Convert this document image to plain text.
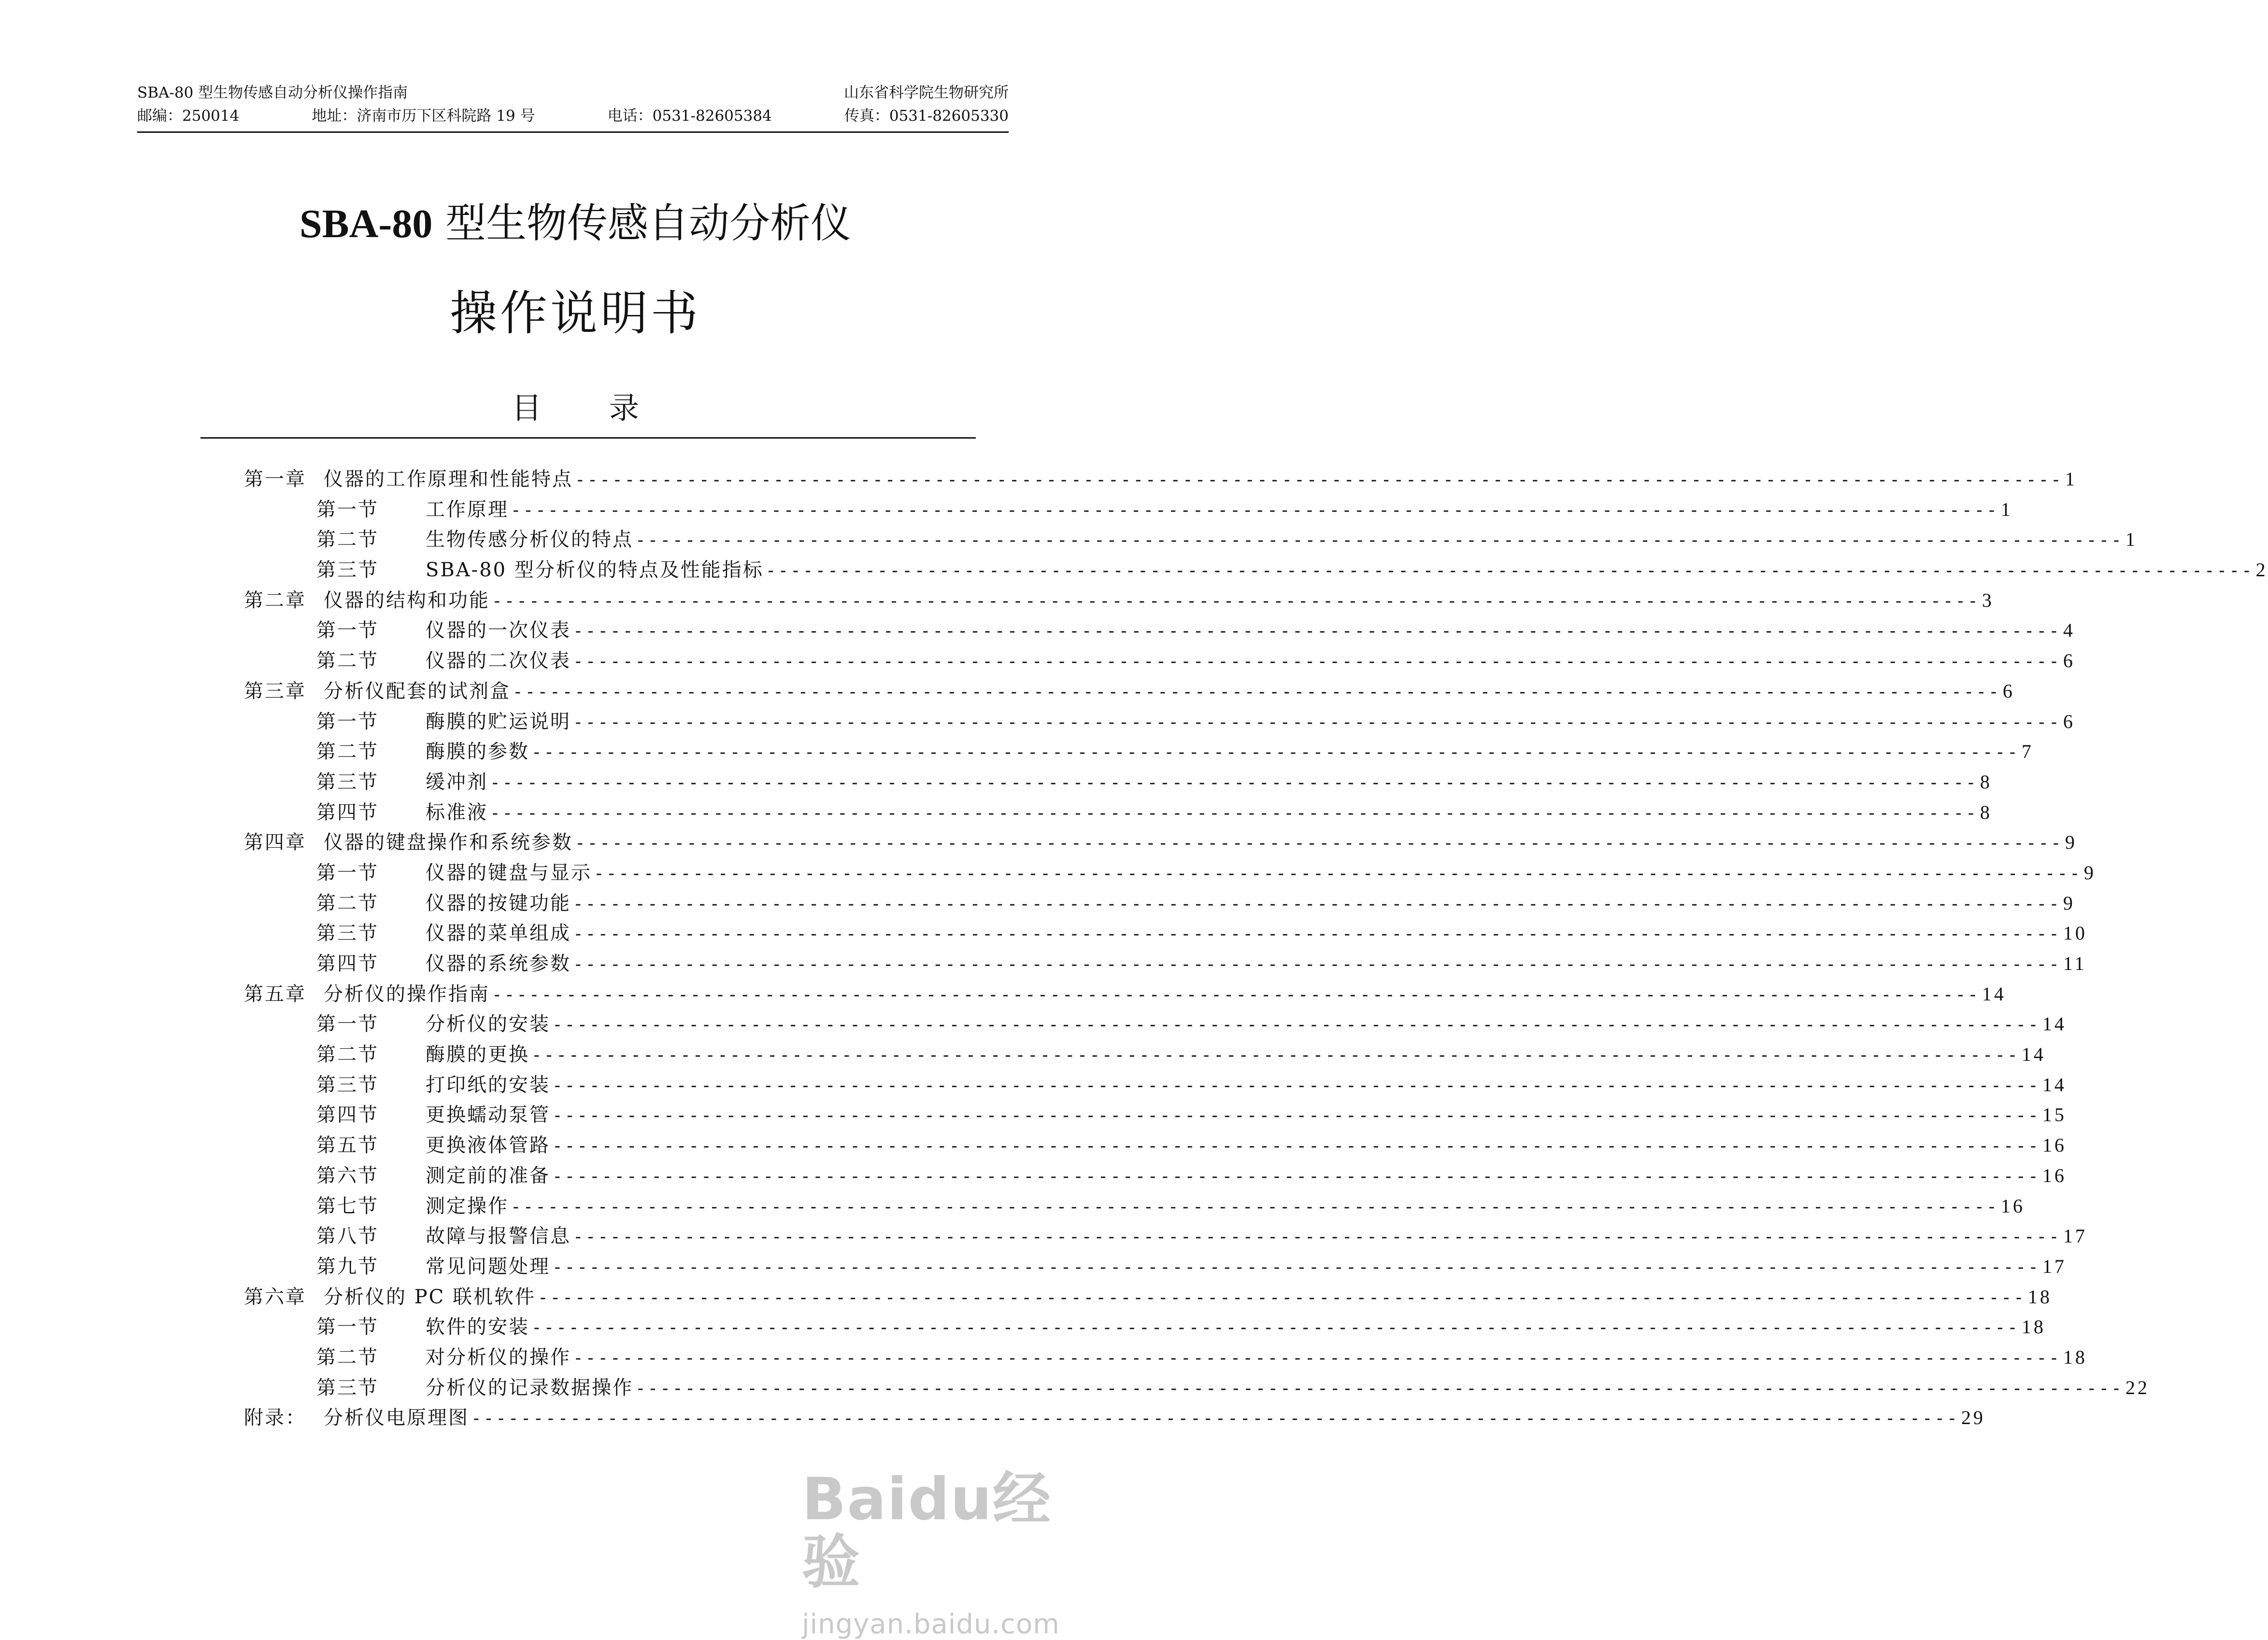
SBA-80 型生物传感自动分析仪操作指南	山东省科学院生物研究所
邮编：250014	地址：济南市历下区科院路 19 号	电话：0531-82605384	传真：0531-82605330
SBA-80 型生物传感自动分析仪
操作说明书
目 录
第一章 仪器的工作原理和性能特点 ------------------------------------------------------------------------------------------------------------------------ 1
第一节 工作原理 ------------------------------------------------------------------------------------------------------------------------ 1
第二节 生物传感分析仪的特点 ------------------------------------------------------------------------------------------------------------------------ 1
第三节 SBA-80 型分析仪的特点及性能指标 ------------------------------------------------------------------------------------------------------------------------ 2
第二章 仪器的结构和功能 ------------------------------------------------------------------------------------------------------------------------ 3
第一节 仪器的一次仪表 ------------------------------------------------------------------------------------------------------------------------ 4
第二节 仪器的二次仪表 ------------------------------------------------------------------------------------------------------------------------ 6
第三章 分析仪配套的试剂盒 ------------------------------------------------------------------------------------------------------------------------ 6
第一节 酶膜的贮运说明 ------------------------------------------------------------------------------------------------------------------------ 6
第二节 酶膜的参数 ------------------------------------------------------------------------------------------------------------------------ 7
第三节 缓冲剂 ------------------------------------------------------------------------------------------------------------------------ 8
第四节 标准液 ------------------------------------------------------------------------------------------------------------------------ 8
第四章 仪器的键盘操作和系统参数 ------------------------------------------------------------------------------------------------------------------------ 9
第一节 仪器的键盘与显示 ------------------------------------------------------------------------------------------------------------------------ 9
第二节 仪器的按键功能 ------------------------------------------------------------------------------------------------------------------------ 9
第三节 仪器的菜单组成 ------------------------------------------------------------------------------------------------------------------------ 10
第四节 仪器的系统参数 ------------------------------------------------------------------------------------------------------------------------ 11
第五章 分析仪的操作指南 ------------------------------------------------------------------------------------------------------------------------ 14
第一节 分析仪的安装 ------------------------------------------------------------------------------------------------------------------------ 14
第二节 酶膜的更换 ------------------------------------------------------------------------------------------------------------------------ 14
第三节 打印纸的安装 ------------------------------------------------------------------------------------------------------------------------ 14
第四节 更换蠕动泵管 ------------------------------------------------------------------------------------------------------------------------ 15
第五节 更换液体管路 ------------------------------------------------------------------------------------------------------------------------ 16
第六节 测定前的准备 ------------------------------------------------------------------------------------------------------------------------ 16
第七节 测定操作 ------------------------------------------------------------------------------------------------------------------------ 16
第八节 故障与报警信息 ------------------------------------------------------------------------------------------------------------------------ 17
第九节 常见问题处理 ------------------------------------------------------------------------------------------------------------------------ 17
第六章 分析仪的 PC 联机软件 ------------------------------------------------------------------------------------------------------------------------ 18
第一节 软件的安装 ------------------------------------------------------------------------------------------------------------------------ 18
第二节 对分析仪的操作 ------------------------------------------------------------------------------------------------------------------------ 18
第三节 分析仪的记录数据操作 ------------------------------------------------------------------------------------------------------------------------ 22
附录： 分析仪电原理图 ------------------------------------------------------------------------------------------------------------------------ 29
Baidu经验
jingyan.baidu.com
